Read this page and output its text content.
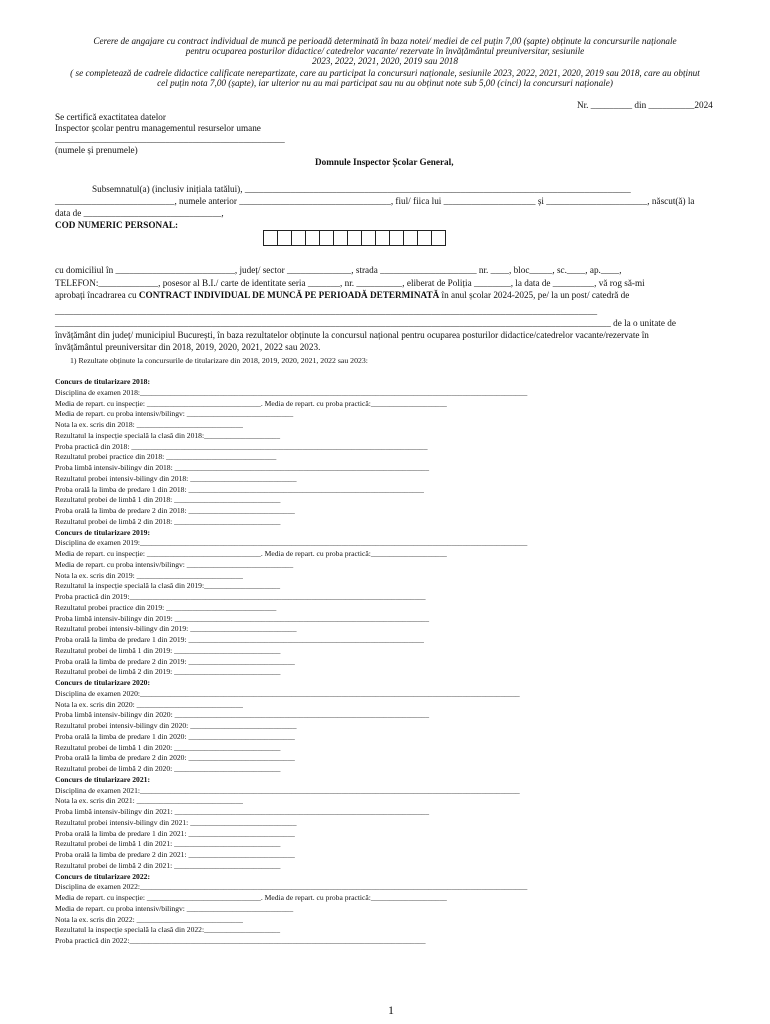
Cerere de angajare cu contract individual de muncă pe perioadă determinată în baza notei/ mediei de cel puțin 7,00 (șapte) obținute la concursurile naționale
pentru ocuparea posturilor didactice/ catedrelor vacante/ rezervate în învățământul preuniversitar, sesiunile
2023, 2022, 2021, 2020, 2019 sau 2018
( se completează de cadrele didactice calificate nerepartizate, care au participat la concursuri naționale, sesiunile 2023, 2022, 2021, 2020, 2019 sau 2018, care au obținut
cel puțin nota 7,00 (șapte), iar ulterior nu au mai participat sau nu au obținut note sub 5,00 (cinci) la concursuri naționale)
Nr. _________ din __________2024
Se certifică exactitatea datelor
Inspector școlar pentru managementul resurselor umane
__________________________________________________
(numele și prenumele)
Domnule Inspector Școlar General,
Subsemnatul(a) (inclusiv inițiala tatălui), ____________________________________________________________________________________
__________________________, numele anterior _________________________________, fiul/ fiica lui ____________________ și ______________________, născut(ă) la
data de ______________________________,
COD NUMERIC PERSONAL:
cu domiciliul în __________________________, județ/ sector ______________, strada _____________________ nr. ____, bloc_____, sc.____, ap.____,
TELEFON:_____________, posesor al B.I./ carte de identitate seria _______, nr. __________, eliberat de Poliția ________, la data de _________, vă rog să-mi
aprobați încadrarea cu CONTRACT INDIVIDUAL DE MUNCĂ PE PERIOADĂ DETERMINATĂ în anul școlar 2024-2025, pe/ la un post/ catedră de
______________________________________________________________________________________________________________________
_________________________________________________________________________________________________________________________ de la o unitate de
învățământ din județ/ municipiul București, în baza rezultatelor obținute la concursul național pentru ocuparea posturilor didactice/catedrelor vacante/rezervate în
învățământul preuniversitar din 2018, 2019, 2020, 2021, 2022 sau 2023.
1) Rezultate obținute la concursurile de titularizare din 2018, 2019, 2020, 2021, 2022 sau 2023:
Concurs de titularizare 2018:
Disciplina de examen 2018:______________________________________________________________________________________________________
Media de repart. cu inspecție: ______________________________. Media de repart. cu proba practică:____________________
Media de repart. cu proba intensiv/bilingv: ____________________________
Nota la ex. scris din 2018: ____________________________
Rezultatul la inspecție specială la clasă din 2018:____________________
Proba practică din 2018: ______________________________________________________________________________
Rezultatul probei practice din 2018: _____________________________
Proba limbă intensiv-bilingv din 2018: ___________________________________________________________________
Rezultatul probei intensiv-bilingv din 2018: ____________________________
Proba orală la limba de predare 1 din 2018: ______________________________________________________________
Rezultatul probei de limbă 1 din 2018: ____________________________
Proba orală la limba de predare 2 din 2018: ____________________________
Rezultatul probei de limbă 2 din 2018: ____________________________
Concurs de titularizare 2019:
Disciplina de examen 2019:______________________________________________________________________________________________________
Media de repart. cu inspecție: ______________________________. Media de repart. cu proba practică:____________________
Media de repart. cu proba intensiv/bilingv: ____________________________
Nota la ex. scris din 2019: ____________________________
Rezultatul la inspecție specială la clasă din 2019:____________________
Proba practică din 2019:______________________________________________________________________________
Rezultatul probei practice din 2019: _____________________________
Proba limbă intensiv-bilingv din 2019: ___________________________________________________________________
Rezultatul probei intensiv-bilingv din 2019: ____________________________
Proba orală la limba de predare 1 din 2019: ______________________________________________________________
Rezultatul probei de limbă 1 din 2019: ____________________________
Proba orală la limba de predare 2 din 2019: ____________________________
Rezultatul probei de limbă 2 din 2019: ____________________________
Concurs de titularizare 2020:
Disciplina de examen 2020:____________________________________________________________________________________________________
Nota la ex. scris din 2020: ____________________________
Proba limbă intensiv-bilingv din 2020: ___________________________________________________________________
Rezultatul probei intensiv-bilingv din 2020: ____________________________
Proba orală la limba de predare 1 din 2020: ____________________________
Rezultatul probei de limbă 1 din 2020: ____________________________
Proba orală la limba de predare 2 din 2020: ____________________________
Rezultatul probei de limbă 2 din 2020: ____________________________
Concurs de titularizare 2021:
Disciplina de examen 2021:____________________________________________________________________________________________________
Nota la ex. scris din 2021: ____________________________
Proba limbă intensiv-bilingv din 2021: ___________________________________________________________________
Rezultatul probei intensiv-bilingv din 2021: ____________________________
Proba orală la limba de predare 1 din 2021: ____________________________
Rezultatul probei de limbă 1 din 2021: ____________________________
Proba orală la limba de predare 2 din 2021: ____________________________
Rezultatul probei de limbă 2 din 2021: ____________________________
Concurs de titularizare 2022:
Disciplina de examen 2022:______________________________________________________________________________________________________
Media de repart. cu inspecție: ______________________________. Media de repart. cu proba practică:____________________
Media de repart. cu proba intensiv/bilingv: ____________________________
Nota la ex. scris din 2022: ____________________________
Rezultatul la inspecție specială la clasă din 2022:____________________
Proba practică din 2022:______________________________________________________________________________
1
